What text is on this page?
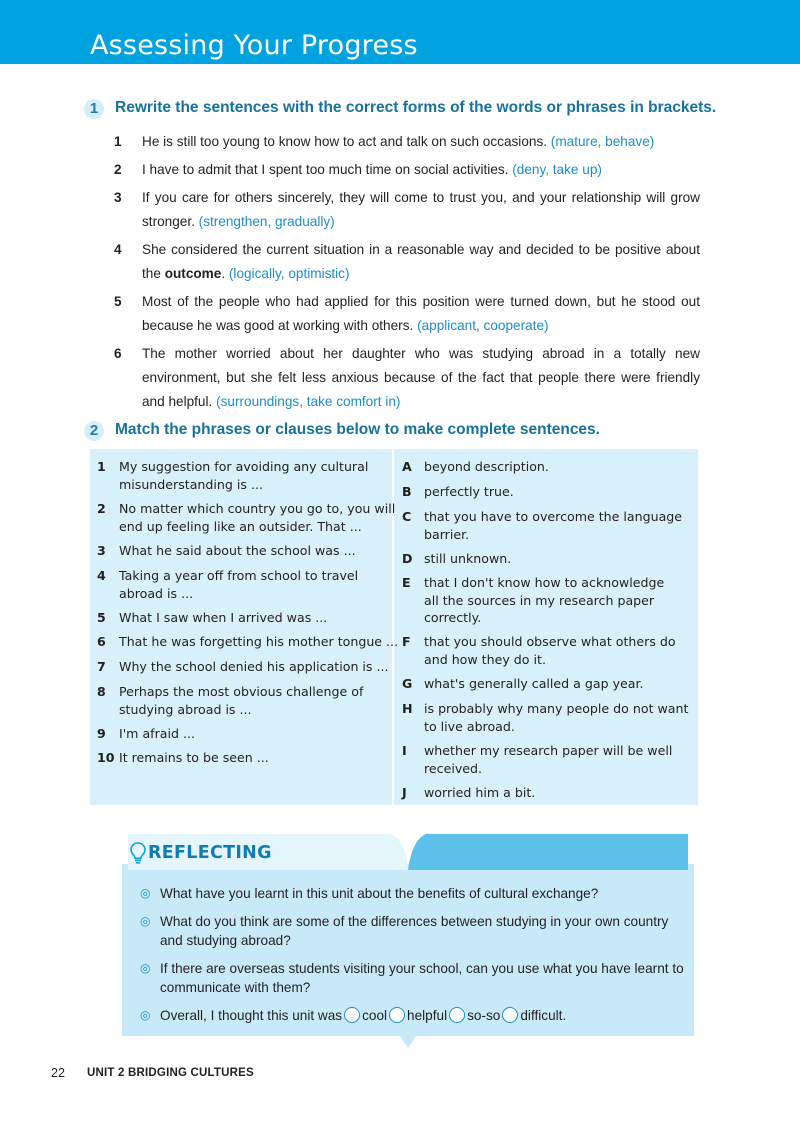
Assessing Your Progress
1	Rewrite the sentences with the correct forms of the words or phrases in brackets.
1 He is still too young to know how to act and talk on such occasions. (mature, behave)
2 I have to admit that I spent too much time on social activities. (deny, take up)
3 If you care for others sincerely, they will come to trust you, and your relationship will grow stronger. (strengthen, gradually)
4 She considered the current situation in a reasonable way and decided to be positive about the outcome. (logically, optimistic)
5 Most of the people who had applied for this position were turned down, but he stood out because he was good at working with others. (applicant, cooperate)
6 The mother worried about her daughter who was studying abroad in a totally new environment, but she felt less anxious because of the fact that people there were friendly and helpful. (surroundings, take comfort in)
2	Match the phrases or clauses below to make complete sentences.
1 My suggestion for avoiding any cultural
misunderstanding is ...
2 No matter which country you go to, you will
end up feeling like an outsider. That ...
3 What he said about the school was ...
4 Taking a year off from school to travel
abroad is ...
5 What I saw when I arrived was ...
6 That he was forgetting his mother tongue ...
7 Why the school denied his application is ...
8 Perhaps the most obvious challenge of
studying abroad is ...
9 I'm afraid ...
10 It remains to be seen ...
A beyond description.
B perfectly true.
C that you have to overcome the language
barrier.
D still unknown.
E that I don't know how to acknowledge
all the sources in my research paper
correctly.
F that you should observe what others do
and how they do it.
G what's generally called a gap year.
H is probably why many people do not want
to live abroad.
I whether my research paper will be well
received.
J worried him a bit.
REFLECTING
◎ What have you learnt in this unit about the benefits of cultural exchange?
◎ What do you think are some of the differences between studying in your own country and studying abroad?
◎ If there are overseas students visiting your school, can you use what you have learnt to communicate with them?
◎ Overall, I thought this unit was cool helpful so-so difficult.
22 UNIT 2 BRIDGING CULTURES
